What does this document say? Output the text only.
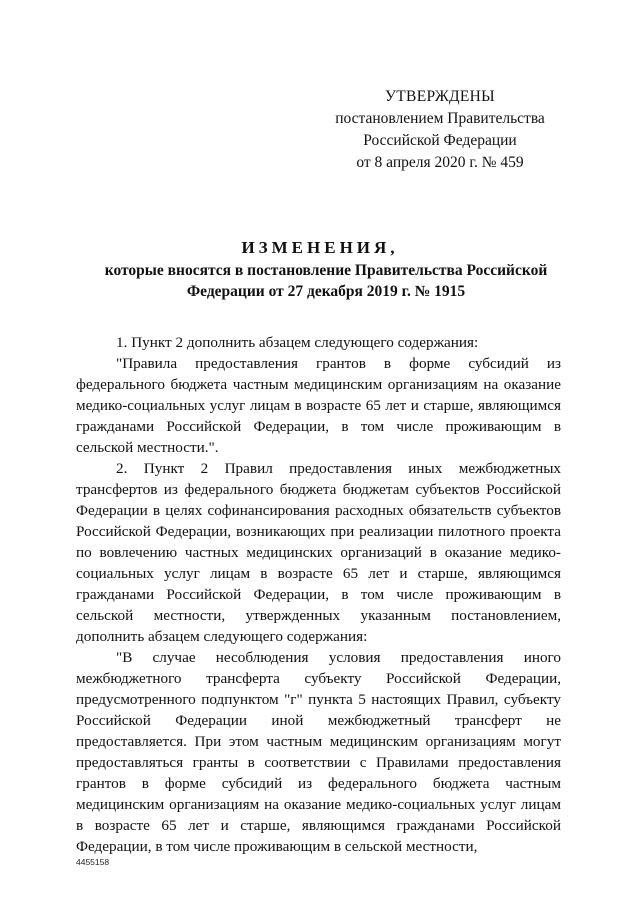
УТВЕРЖДЕНЫ
постановлением Правительства
Российской Федерации
от 8 апреля 2020 г. № 459
ИЗМЕНЕНИЯ,
которые вносятся в постановление Правительства Российской Федерации от 27 декабря 2019 г. № 1915

1. Пункт 2 дополнить абзацем следующего содержания:

"Правила предоставления грантов в форме субсидий из федерального бюджета частным медицинским организациям на оказание медико-социальных услуг лицам в возрасте 65 лет и старше, являющимся гражданами Российской Федерации, в том числе проживающим в сельской местности.".

2. Пункт 2 Правил предоставления иных межбюджетных трансфертов из федерального бюджета бюджетам субъектов Российской Федерации в целях софинансирования расходных обязательств субъектов Российской Федерации, возникающих при реализации пилотного проекта по вовлечению частных медицинских организаций в оказание медико-социальных услуг лицам в возрасте 65 лет и старше, являющимся гражданами Российской Федерации, в том числе проживающим в сельской местности, утвержденных указанным постановлением, дополнить абзацем следующего содержания:

"В случае несоблюдения условия предоставления иного межбюджетного трансферта субъекту Российской Федерации, предусмотренного подпунктом "г" пункта 5 настоящих Правил, субъекту Российской Федерации иной межбюджетный трансферт не предоставляется. При этом частным медицинским организациям могут предоставляться гранты в соответствии с Правилами предоставления грантов в форме субсидий из федерального бюджета частным медицинским организациям на оказание медико-социальных услуг лицам в возрасте 65 лет и старше, являющимся гражданами Российской Федерации, в том числе проживающим в сельской местности,

4455158
